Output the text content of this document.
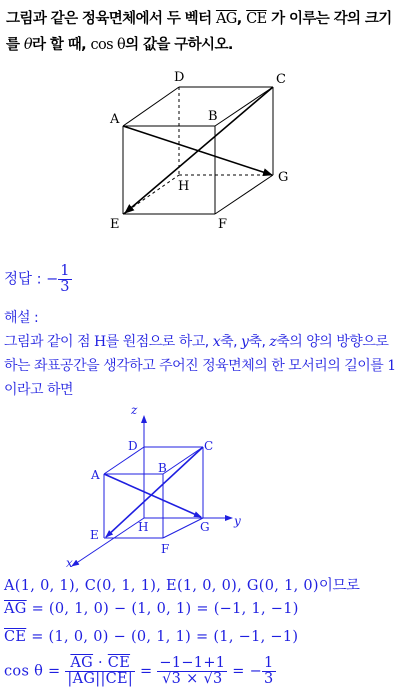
그림과 같은 정육면체에서 두 벡터 $\overline{AG}$, $\overline{CE}$ 가 이루는 각의 크기를 θ라 할 때, cos θ의 값을 구하시오.
A	B
C
D
E	F
G
H
정답 : − $\frac{1}{3}$
해설 :
그림과 같이 점 H를 원점으로 하고, x축, y축, z축의 양의 방향으로 하는 좌표공간을 생각하고 주어진 정육면체의 한 모서리의 길이를 1이라고 하면
A	B
C
D
E
F
G
H	y
z
x
A(1, 0, 1), C(0, 1, 1), E(1, 0, 0), G(0, 1, 0)이므로
$\overline{AG} = (0$, 1, 0) − (1, 0, 1) = (−1, 1, −1)
$\overline{CE} = (1$, 0, 0) − (0, 1, 1) = (1, −1, −1)
$\cos \theta = \frac{\overline{AG} \cdot \overline{CE}}{|AG||CE|} = \frac{-1-1+1}{√3 \times √3}$ = − $\frac{1}{3}$
